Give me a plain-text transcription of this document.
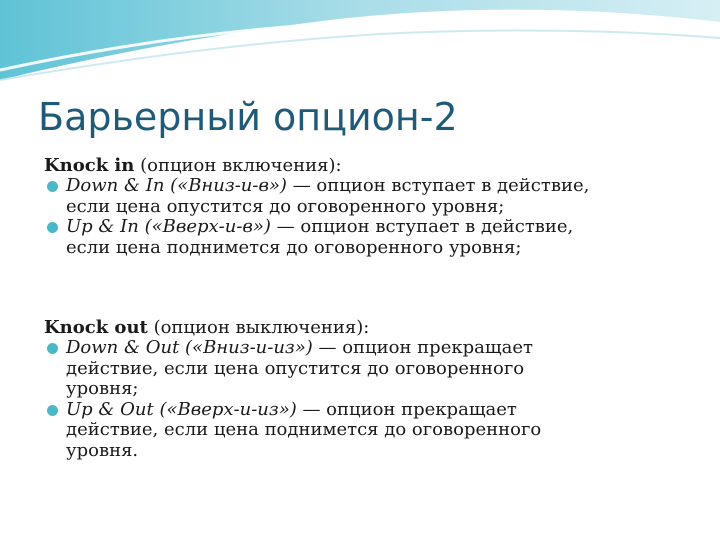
Барьерный опцион-2
Knock in (опцион включения):
Down & In («Вниз-и-в») — опцион вступает в действие,
если цена опустится до оговоренного уровня;
Up & In («Вверх-и-в») — опцион вступает в действие,
если цена поднимется до оговоренного уровня;
Knock out (опцион выключения):
Down & Out («Вниз-и-из») — опцион прекращает
действие, если цена опустится до оговоренного
уровня;
Up & Out («Вверх-и-из») — опцион прекращает
действие, если цена поднимется до оговоренного
уровня.
